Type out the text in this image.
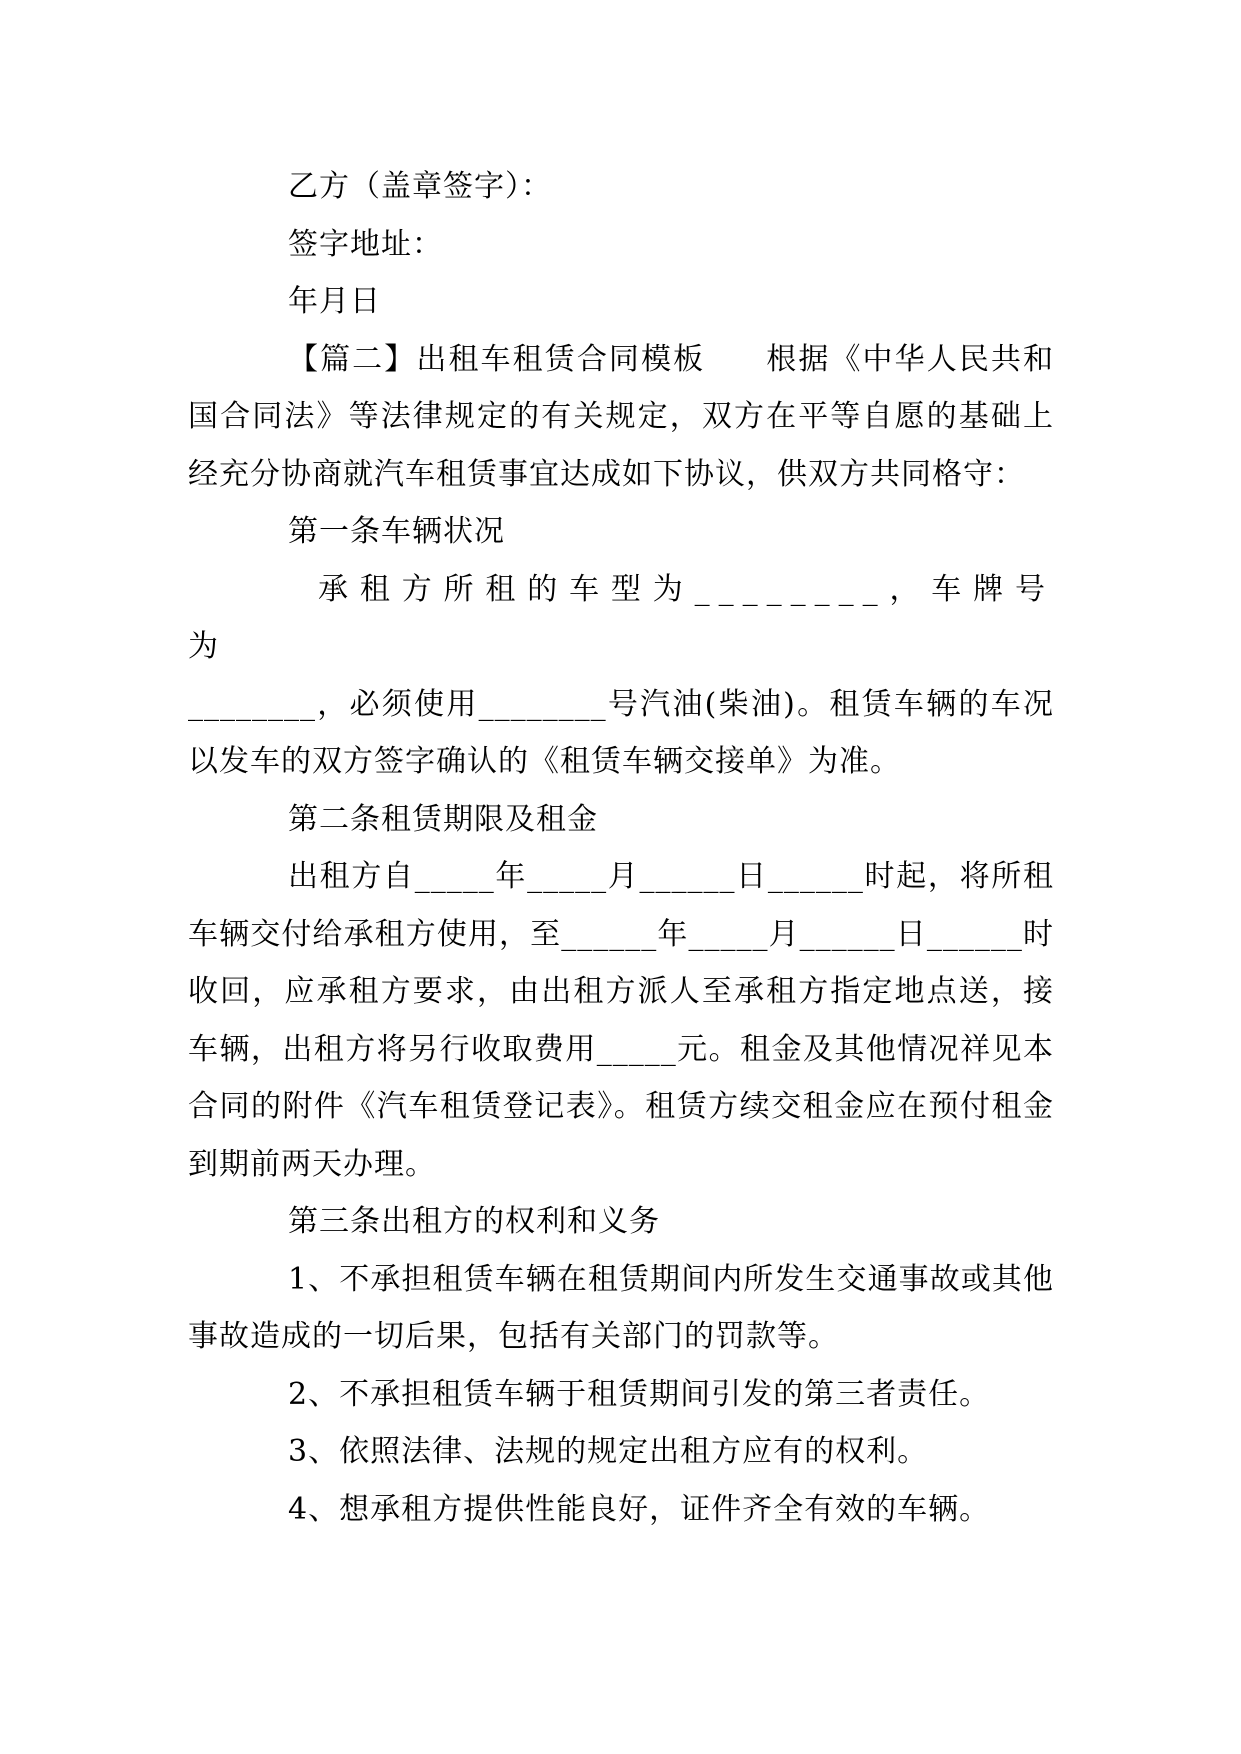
乙方（盖章签字）：

签字地址：

年月日

【篇二】出租车租赁合同模板 根据《中华人民共和国合同法》等法律规定的有关规定，双方在平等自愿的基础上经充分协商就汽车租赁事宜达成如下协议，供双方共同格守：

第一条车辆状况

承租方所租的车型为________，车牌号为

________，必须使用________号汽油(柴油)。租赁车辆的车况以发车的双方签字确认的《租赁车辆交接单》为准。

第二条租赁期限及租金

出租方自_____年_____月______日______时起，将所租车辆交付给承租方使用，至______年_____月______日______时收回，应承租方要求，由出租方派人至承租方指定地点送，接车辆，出租方将另行收取费用_____元。租金及其他情况祥见本合同的附件《汽车租赁登记表》。租赁方续交租金应在预付租金到期前两天办理。

第三条出租方的权利和义务

1、不承担租赁车辆在租赁期间内所发生交通事故或其他事故造成的一切后果，包括有关部门的罚款等。

2、不承担租赁车辆于租赁期间引发的第三者责任。

3、依照法律、法规的规定出租方应有的权利。

4、想承租方提供性能良好，证件齐全有效的车辆。
